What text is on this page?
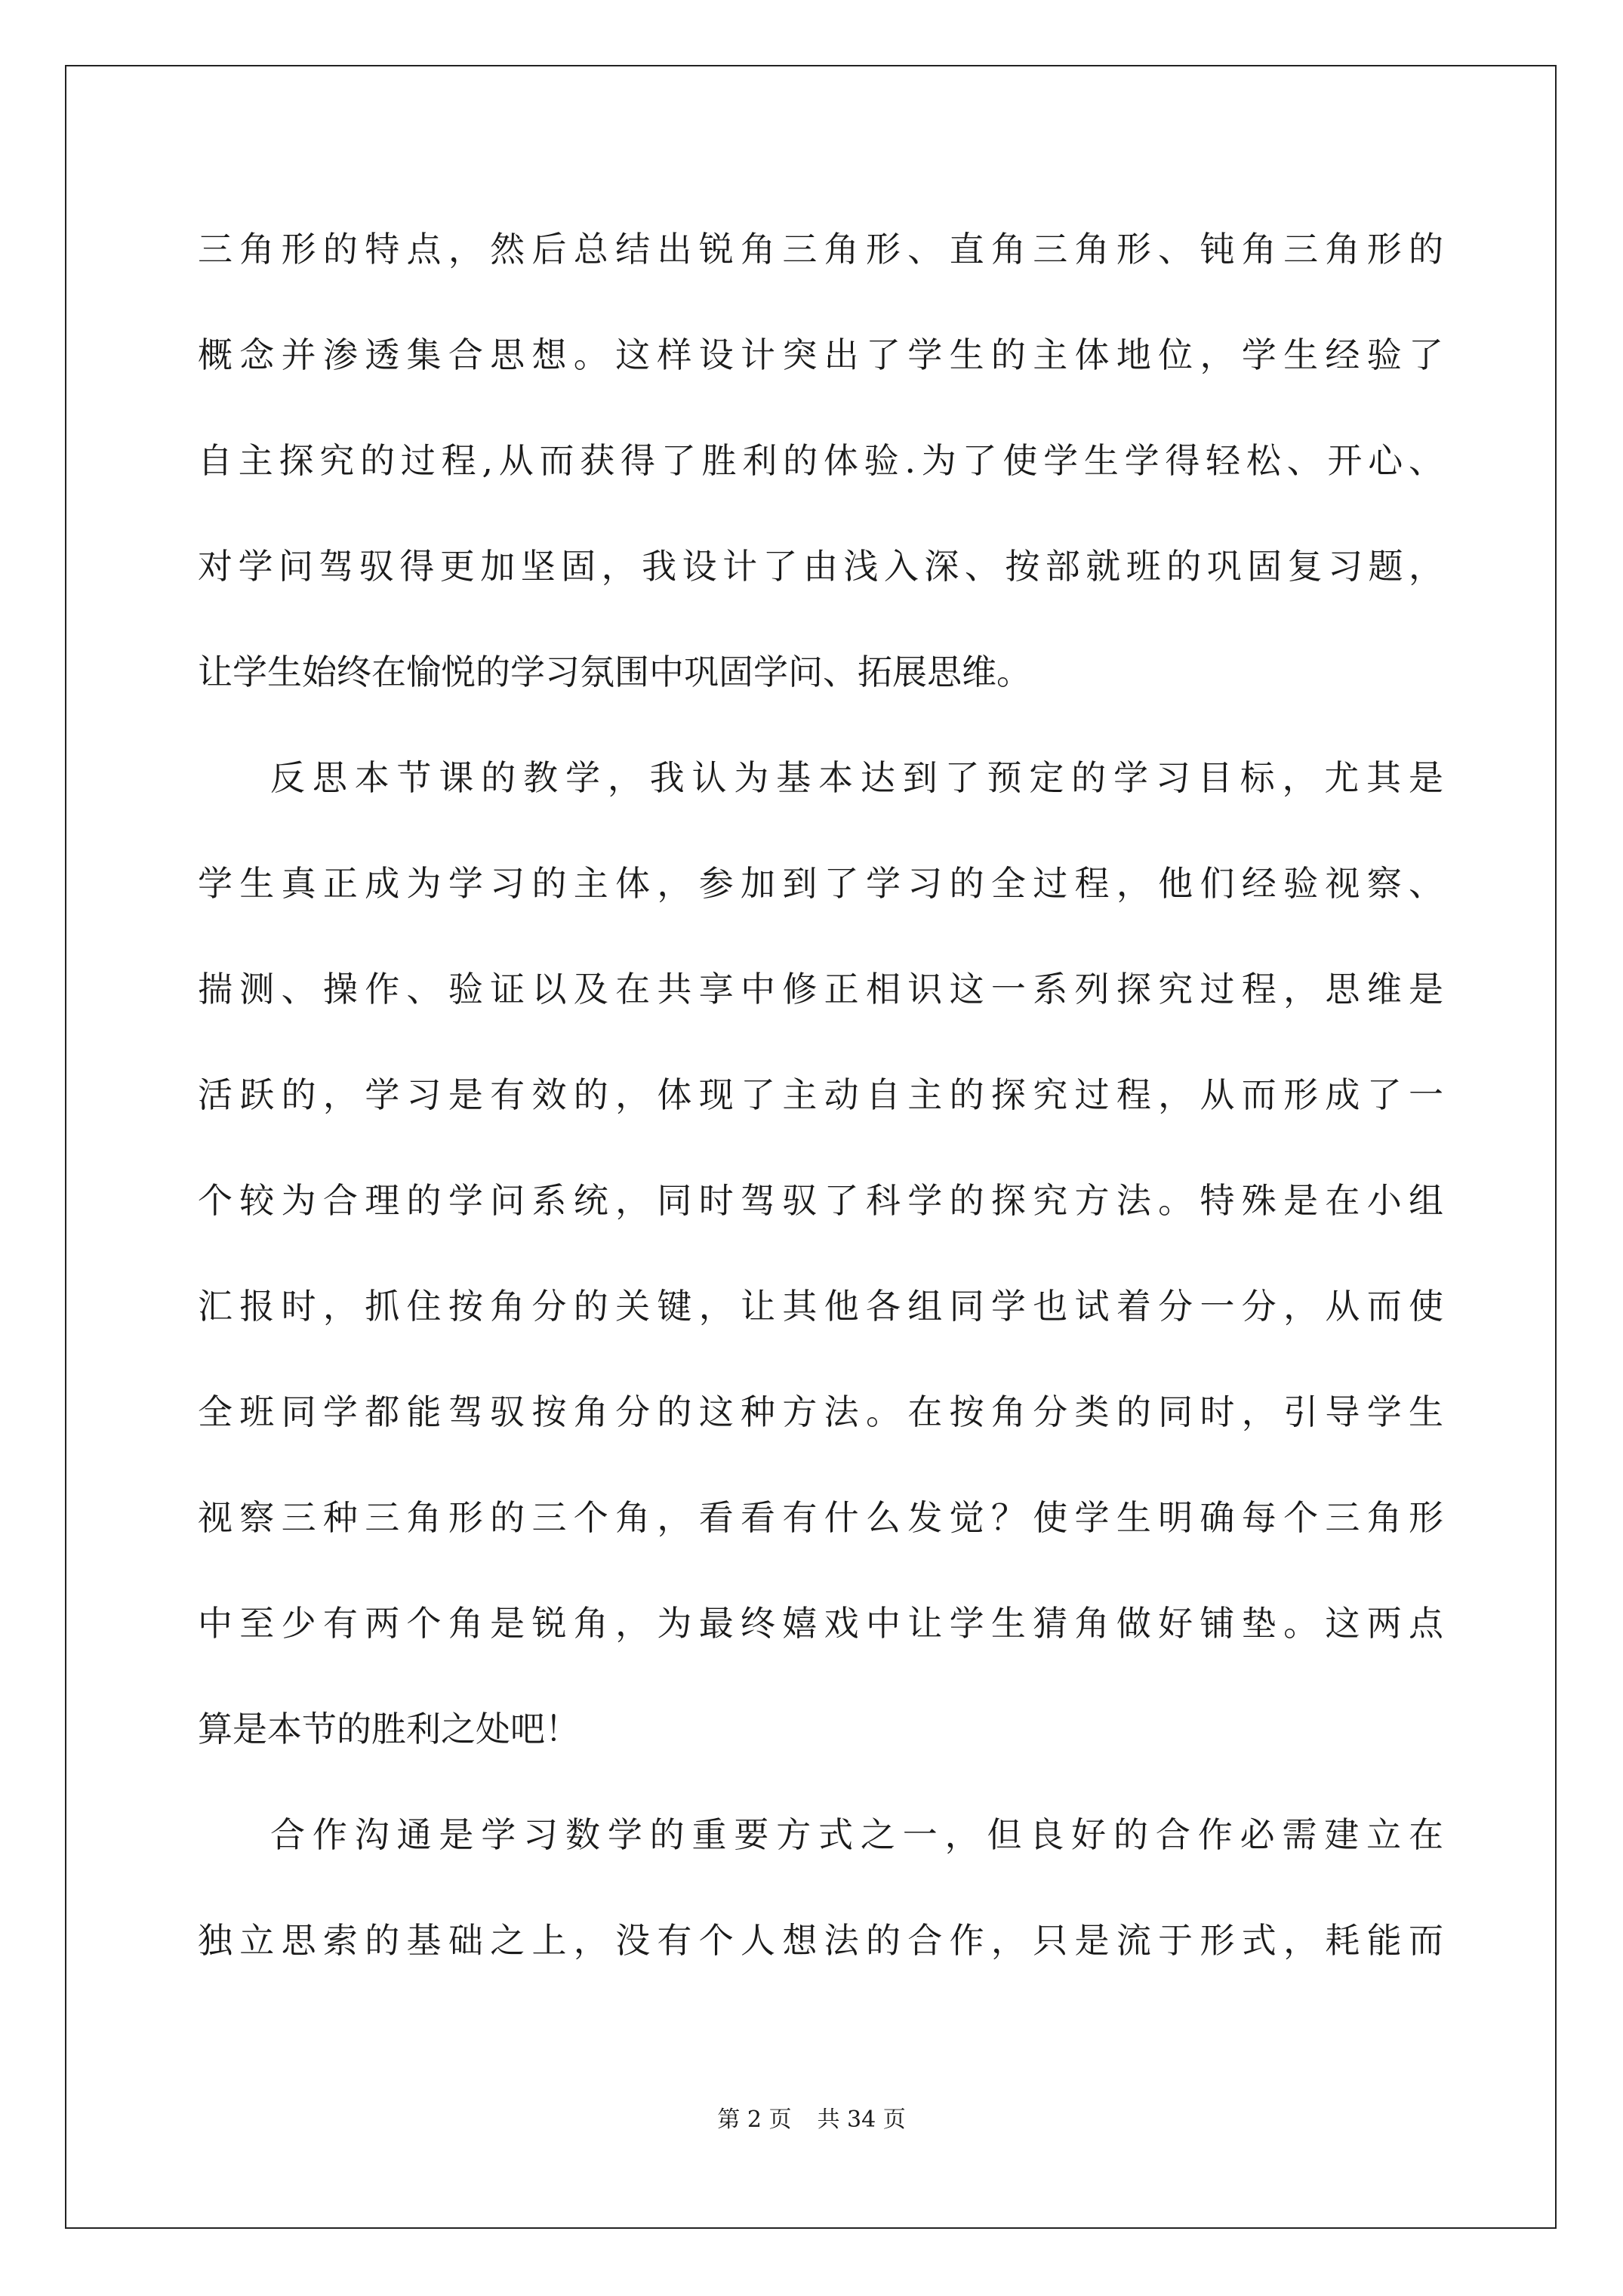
三角形的特点，然后总结出锐角三角形、直角三角形、钝角三角形的
概念并渗透集合思想。这样设计突出了学生的主体地位，学生经验了
自主探究的过程,从而获得了胜利的体验.为了使学生学得轻松、开心、
对学问驾驭得更加坚固，我设计了由浅入深、按部就班的巩固复习题，
让学生始终在愉悦的学习氛围中巩固学问、拓展思维。
反思本节课的教学，我认为基本达到了预定的学习目标，尤其是
学生真正成为学习的主体，参加到了学习的全过程，他们经验视察、
揣测、操作、验证以及在共享中修正相识这一系列探究过程，思维是
活跃的，学习是有效的，体现了主动自主的探究过程，从而形成了一
个较为合理的学问系统，同时驾驭了科学的探究方法。特殊是在小组
汇报时，抓住按角分的关键，让其他各组同学也试着分一分，从而使
全班同学都能驾驭按角分的这种方法。在按角分类的同时，引导学生
视察三种三角形的三个角，看看有什么发觉？使学生明确每个三角形
中至少有两个角是锐角，为最终嬉戏中让学生猜角做好铺垫。这两点
算是本节的胜利之处吧！
合作沟通是学习数学的重要方式之一，但良好的合作必需建立在
独立思索的基础之上，没有个人想法的合作，只是流于形式，耗能而
第 2 页 共 34 页
